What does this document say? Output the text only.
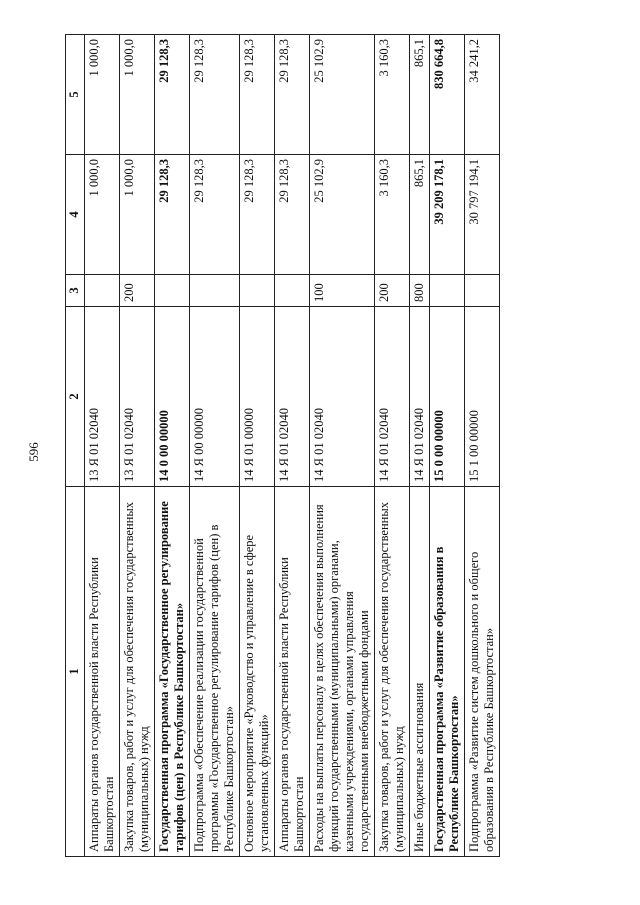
596
1	2	3	4	5
Аппараты органов государственной власти Республики Башкортостан	13 Я 01 02040		1 000,0	1 000,0
Закупка товаров, работ и услуг для обеспечения государственных (муниципальных) нужд	13 Я 01 02040	200	1 000,0	1 000,0
Государственная программа «Государственное регулирование тарифов (цен) в Республике Башкортостан»	14 0 00 00000		29 128,3	29 128,3
Подпрограмма «Обеспечение реализации государственной программы «Государственное регулирование тарифов (цен) в Республике Башкортостан»	14 Я 00 00000		29 128,3	29 128,3
Основное мероприятие «Руководство и управление в сфере установленных функций»	14 Я 01 00000		29 128,3	29 128,3
Аппараты органов государственной власти Республики Башкортостан	14 Я 01 02040		29 128,3	29 128,3
Расходы на выплаты персоналу в целях обеспечения выполнения функций государственными (муниципальными) органами, казенными учреждениями, органами управления государственными внебюджетными фондами	14 Я 01 02040	100	25 102,9	25 102,9
Закупка товаров, работ и услуг для обеспечения государственных (муниципальных) нужд	14 Я 01 02040	200	3 160,3	3 160,3
Иные бюджетные ассигнования	14 Я 01 02040	800	865,1	865,1
Государственная программа «Развитие образования в Республике Башкортостан»	15 0 00 00000		39 209 178,1	830 664,8
Подпрограмма «Развитие систем дошкольного и общего образования в Республике Башкортостан»	15 1 00 00000		30 797 194,1	34 241,2
